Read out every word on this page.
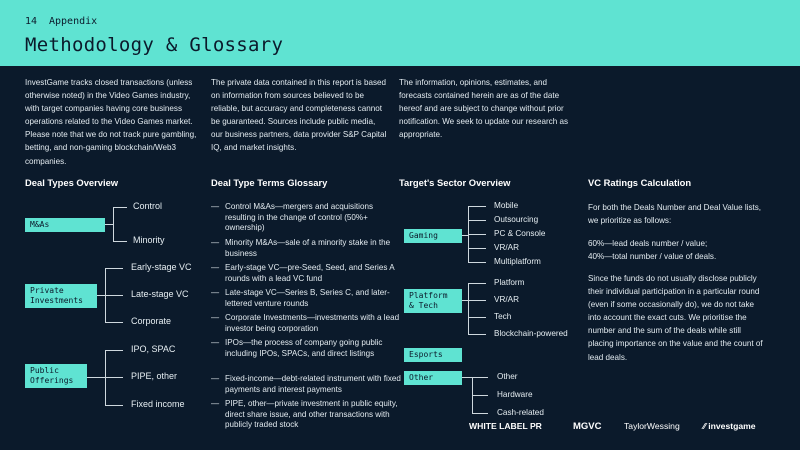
14 Appendix
Methodology & Glossary
InvestGame tracks closed transactions (unless otherwise noted) in the Video Games industry, with target companies having core business operations related to the Video Games market. Please note that we do not track pure gambling, betting, and non-gaming blockchain/Web3 companies.
The private data contained in this report is based on information from sources believed to be reliable, but accuracy and completeness cannot be guaranteed. Sources include public media, our business partners, data provider S&P Capital IQ, and market insights.
The information, opinions, estimates, and forecasts contained herein are as of the date hereof and are subject to change without prior notification. We seek to update our research as appropriate.
Deal Types Overview	Deal Type Terms Glossary	Target's Sector Overview	VC Ratings Calculation
M&As
Control
Minority
Private Investments
Early-stage VC
Late-stage VC
Corporate
Public Offerings
IPO, SPAC
PIPE, other
Fixed income
— Control M&As—mergers and acquisitions resulting in the change of control (50%+ ownership)
— Minority M&As—sale of a minority stake in the business
— Early-stage VC—pre-Seed, Seed, and Series A rounds with a lead VC fund
— Late-stage VC—Series B, Series C, and later-lettered venture rounds
— Corporate Investments—investments with a lead investor being corporation
— IPOs—the process of company going public including IPOs, SPACs, and direct listings
— Fixed-income—debt-related instrument with fixed payments and interest payments
— PIPE, other—private investment in public equity, direct share issue, and other transactions with publicly traded stock
Gaming
Mobile
Outsourcing
PC & Console
VR/AR
Multiplatform
Platform & Tech
Platform
VR/AR
Tech
Blockchain-powered
Esports
Other	Other
Hardware
Cash-related
For both the Deals Number and Deal Value lists, we prioritize as follows:
60%—lead deals number / value;
40%—total number / value of deals.
Since the funds do not usually disclose publicly their individual participation in a particular round (even if some occasionally do), we do not take into account the exact cuts. We prioritise the number and the sum of the deals while still placing importance on the value and the count of lead deals.
WHITE LABEL PR	MGVC	TaylorWessing	⁄⁄ investgame
